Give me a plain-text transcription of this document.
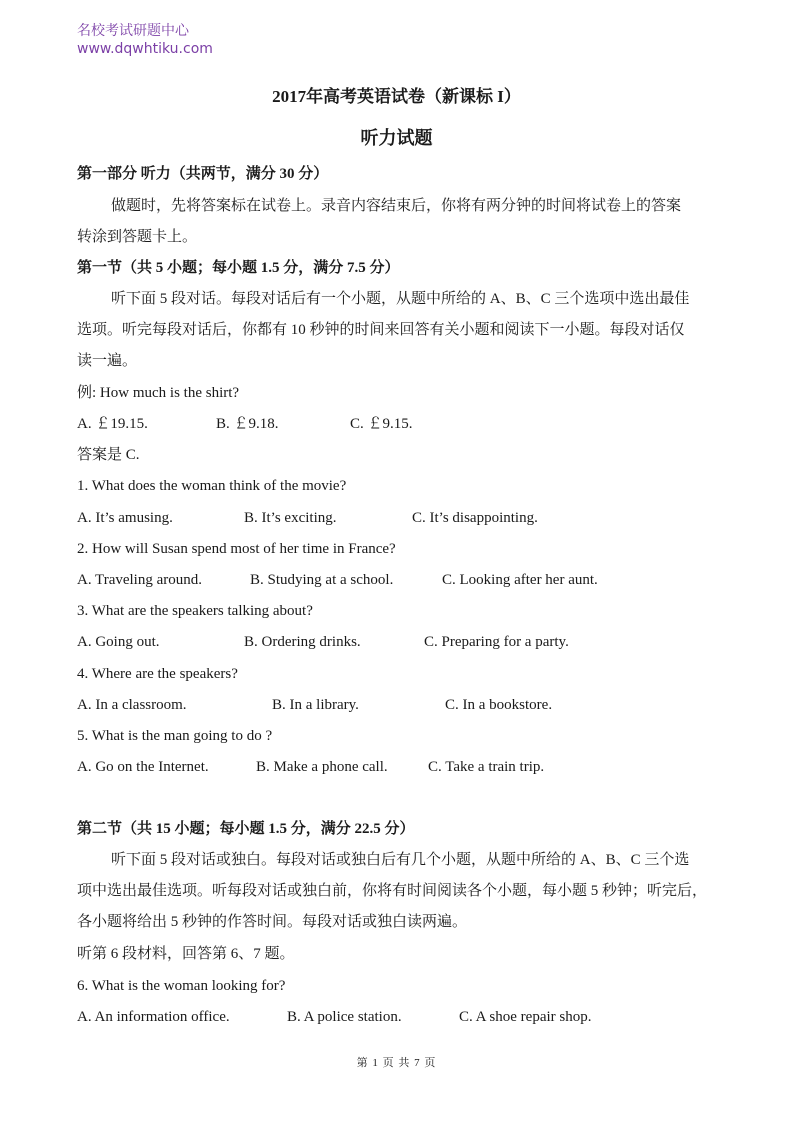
名校考试研题中心
www.dqwhtiku.com
2017年高考英语试卷（新课标 I）
听力试题
第一部分 听力（共两节，满分 30 分）
做题时，先将答案标在试卷上。录音内容结束后，你将有两分钟的时间将试卷上的答案
转涂到答题卡上。
第一节（共 5 小题；每小题 1.5 分，满分 7.5 分）
听下面 5 段对话。每段对话后有一个小题，从题中所给的 A、B、C 三个选项中选出最佳
选项。听完每段对话后，你都有 10 秒钟的时间来回答有关小题和阅读下一小题。每段对话仅
读一遍。
例: How much is the shirt?
A. ￡19.15.	B. ￡9.18.	C. ￡9.15.
答案是 C.
1. What does the woman think of the movie?
A. It’s amusing.	B. It’s exciting.	C. It’s disappointing.
2. How will Susan spend most of her time in France?
A. Traveling around.	B. Studying at a school.	C. Looking after her aunt.
3. What are the speakers talking about?
A. Going out.	B. Ordering drinks.	C. Preparing for a party.
4. Where are the speakers?
A. In a classroom.	B. In a library.	C. In a bookstore.
5. What is the man going to do ?
A. Go on the Internet.	B. Make a phone call.	C. Take a train trip.
第二节（共 15 小题；每小题 1.5 分，满分 22.5 分）
听下面 5 段对话或独白。每段对话或独白后有几个小题，从题中所给的 A、B、C 三个选
项中选出最佳选项。听每段对话或独白前，你将有时间阅读各个小题，每小题 5 秒钟；听完后，
各小题将给出 5 秒钟的作答时间。每段对话或独白读两遍。
听第 6 段材料，回答第 6、7 题。
6. What is the woman looking for?
A. An information office.	B. A police station.	C. A shoe repair shop.
第 1 页 共 7 页
